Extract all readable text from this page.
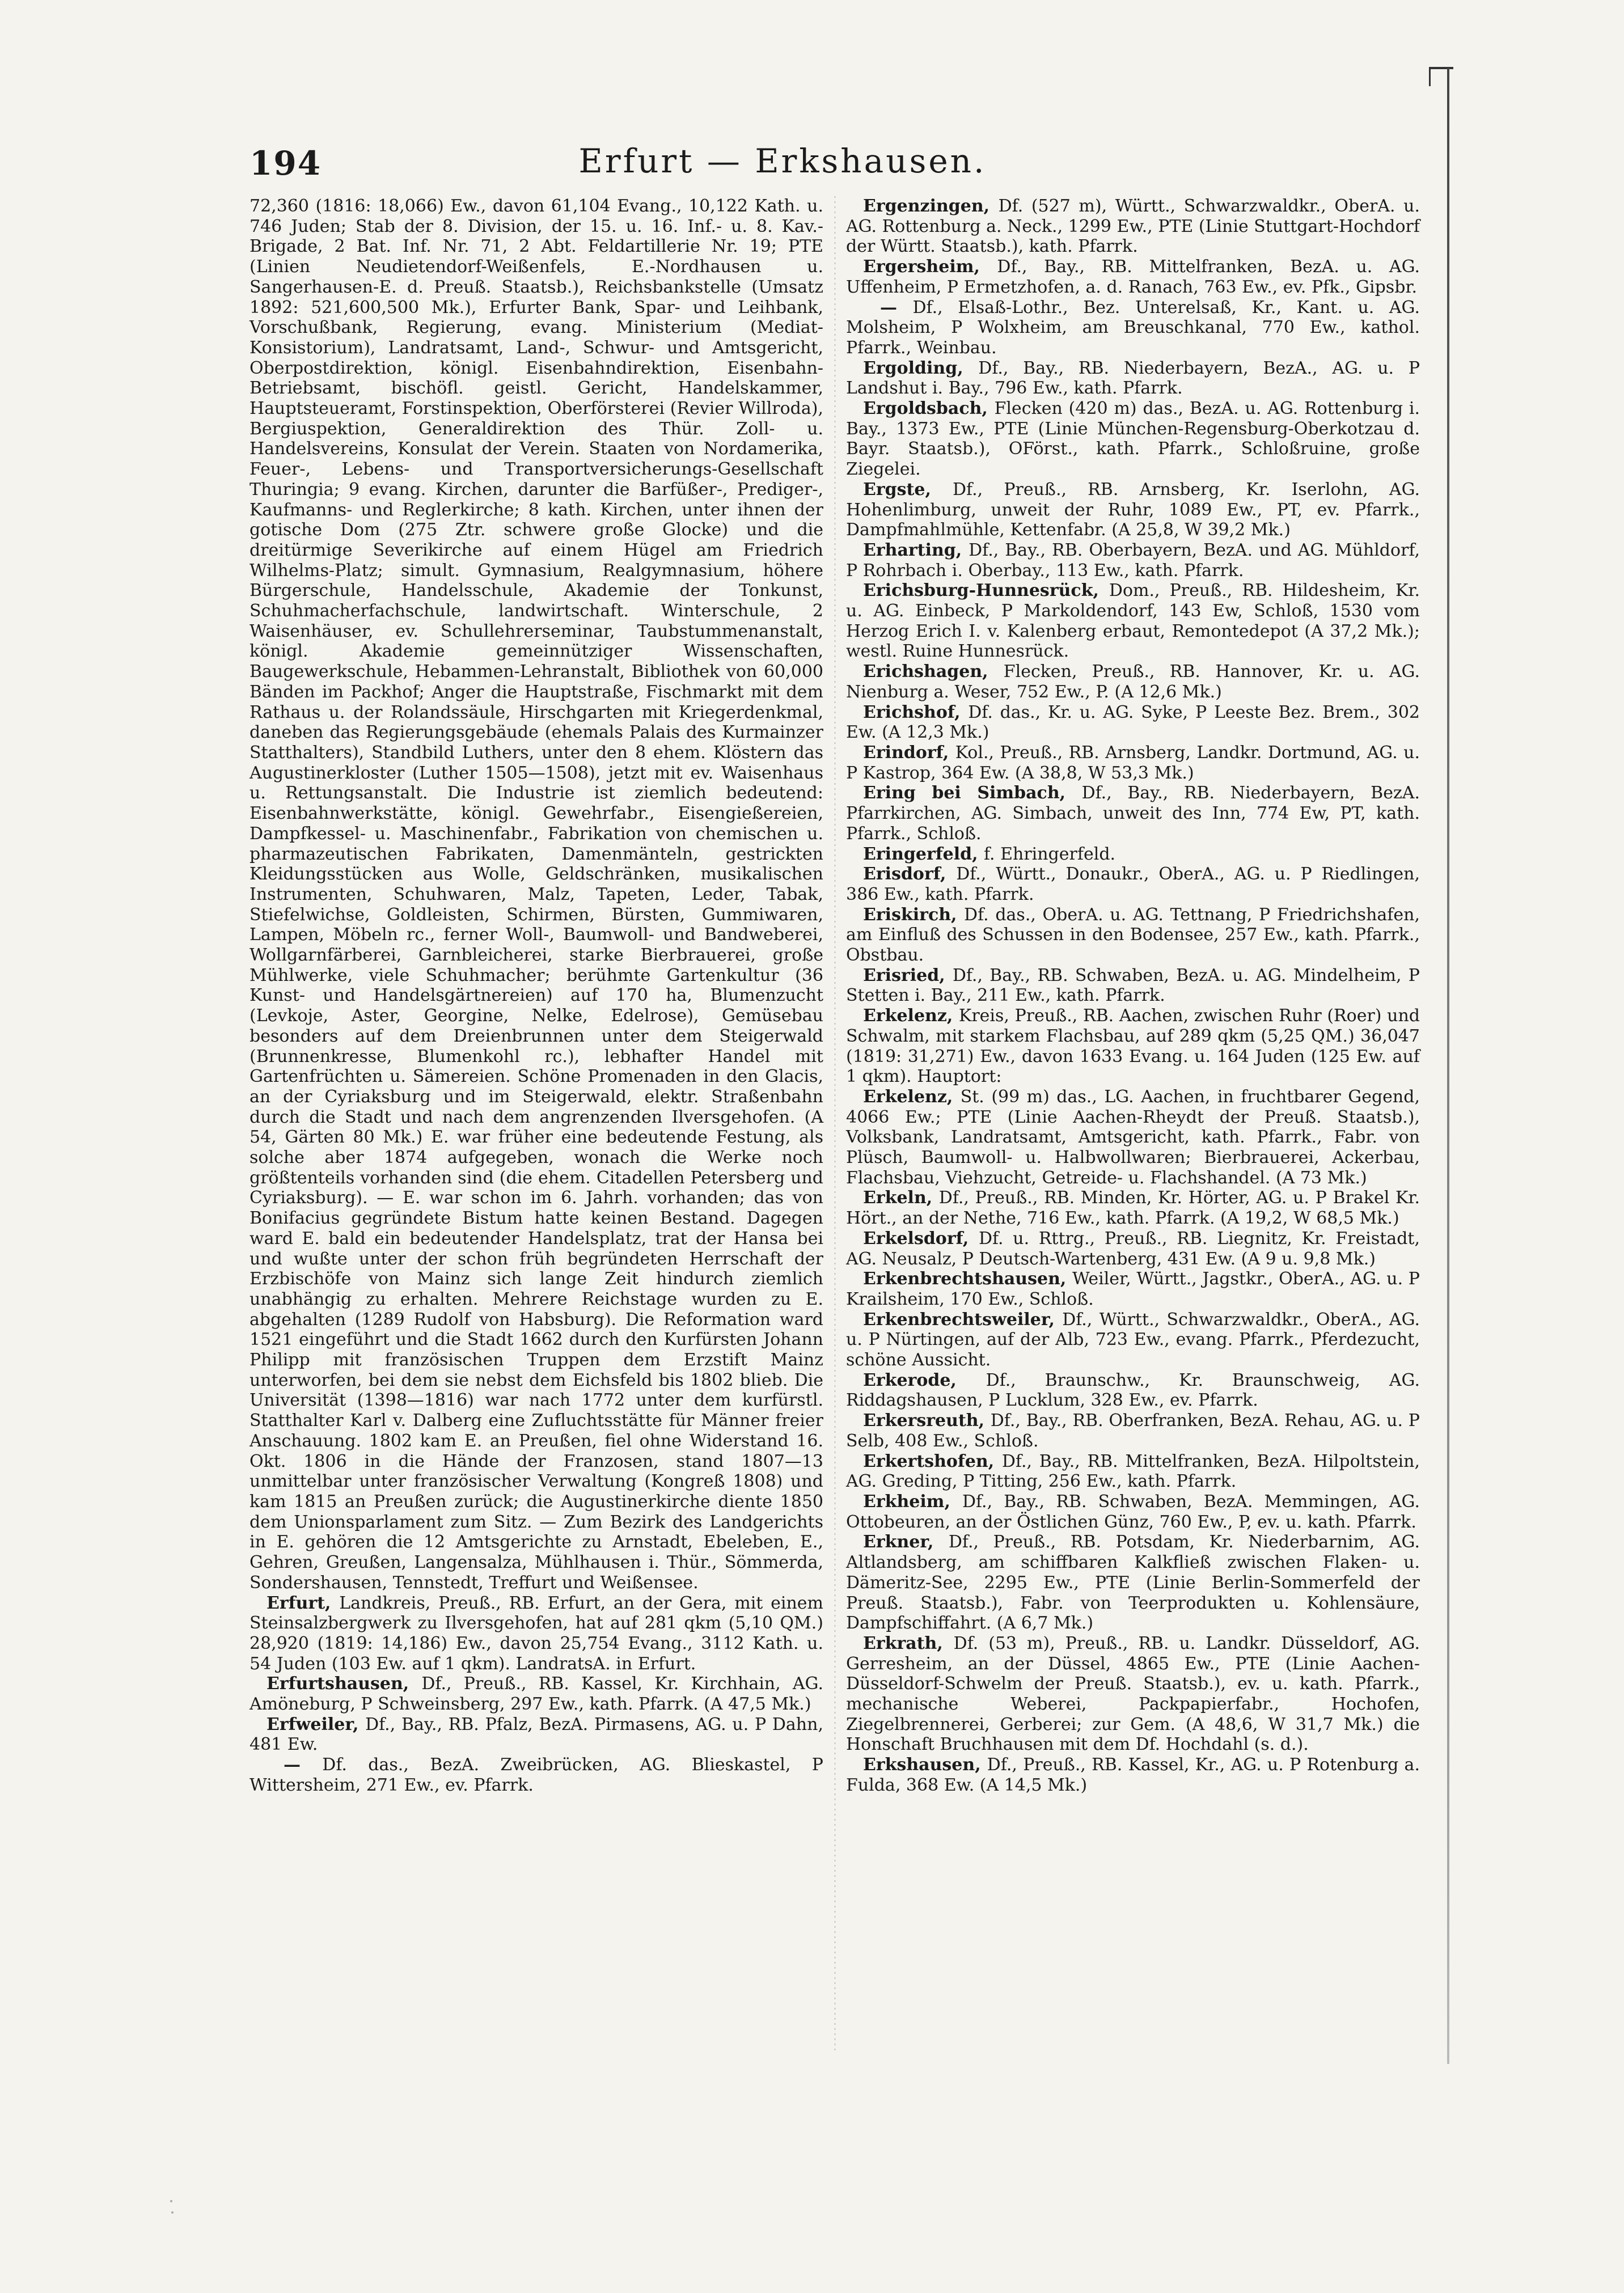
194	Erfurt — Erkshausen.

72,360 (1816: 18,066) Ew., davon 61,104 Evang., 10,122 Kath. u. 746 Juden; Stab der 8. Division, der 15. u. 16. Inf.- u. 8. Kav.-Brigade, 2 Bat. Inf. Nr. 71, 2 Abt. Feldartillerie Nr. 19; PTE (Linien Neudietendorf-Weißenfels, E.-Nordhausen u. Sangerhausen-E. d. Preuß. Staatsb.), Reichsbankstelle (Umsatz 1892: 521,600,500 Mk.), Erfurter Bank, Spar- und Leihbank, Vorschußbank, Regierung, evang. Ministerium (Mediat-Konsistorium), Landratsamt, Land-, Schwur- und Amtsgericht, Oberpostdirektion, königl. Eisenbahndirektion, Eisenbahn-Betriebsamt, bischöfl. geistl. Gericht, Handelskammer, Hauptsteueramt, Forstinspektion, Oberförsterei (Revier Willroda), Bergiuspektion, Generaldirektion des Thür. Zoll- u. Handelsvereins, Konsulat der Verein. Staaten von Nordamerika, Feuer-, Lebens- und Transportversicherungs-Gesellschaft Thuringia; 9 evang. Kirchen, darunter die Barfüßer-, Prediger-, Kaufmanns- und Reglerkirche; 8 kath. Kirchen, unter ihnen der gotische Dom (275 Ztr. schwere große Glocke) und die dreitürmige Severikirche auf einem Hügel am Friedrich Wilhelms-Platz; simult. Gymnasium, Realgymnasium, höhere Bürgerschule, Handelsschule, Akademie der Tonkunst, Schuhmacherfachschule, landwirtschaft. Winterschule, 2 Waisenhäuser, ev. Schullehrerseminar, Taubstummenanstalt, königl. Akademie gemeinnütziger Wissenschaften, Baugewerkschule, Hebammen-Lehranstalt, Bibliothek von 60,000 Bänden im Packhof; Anger die Hauptstraße, Fischmarkt mit dem Rathaus u. der Rolandssäule, Hirschgarten mit Kriegerdenkmal, daneben das Regierungsgebäude (ehemals Palais des Kurmainzer Statthalters), Standbild Luthers, unter den 8 ehem. Klöstern das Augustinerkloster (Luther 1505—1508), jetzt mit ev. Waisenhaus u. Rettungsanstalt. Die Industrie ist ziemlich bedeutend: Eisenbahnwerkstätte, königl. Gewehrfabr., Eisengießereien, Dampfkessel- u. Maschinenfabr., Fabrikation von chemischen u. pharmazeutischen Fabrikaten, Damenmänteln, gestrickten Kleidungsstücken aus Wolle, Geldschränken, musikalischen Instrumenten, Schuhwaren, Malz, Tapeten, Leder, Tabak, Stiefelwichse, Goldleisten, Schirmen, Bürsten, Gummiwaren, Lampen, Möbeln rc., ferner Woll-, Baumwoll- und Bandweberei, Wollgarnfärberei, Garnbleicherei, starke Bierbrauerei, große Mühlwerke, viele Schuhmacher; berühmte Gartenkultur (36 Kunst- und Handelsgärtnereien) auf 170 ha, Blumenzucht (Levkoje, Aster, Georgine, Nelke, Edelrose), Gemüsebau besonders auf dem Dreienbrunnen unter dem Steigerwald (Brunnenkresse, Blumenkohl rc.), lebhafter Handel mit Gartenfrüchten u. Sämereien. Schöne Promenaden in den Glacis, an der Cyriaksburg und im Steigerwald, elektr. Straßenbahn durch die Stadt und nach dem angrenzenden Ilversgehofen. (A 54, Gärten 80 Mk.) E. war früher eine bedeutende Festung, als solche aber 1874 aufgegeben, wonach die Werke noch größtenteils vorhanden sind (die ehem. Citadellen Petersberg und Cyriaksburg). — E. war schon im 6. Jahrh. vorhanden; das von Bonifacius gegründete Bistum hatte keinen Bestand. Dagegen ward E. bald ein bedeutender Handelsplatz, trat der Hansa bei und wußte unter der schon früh begründeten Herrschaft der Erzbischöfe von Mainz sich lange Zeit hindurch ziemlich unabhängig zu erhalten. Mehrere Reichstage wurden zu E. abgehalten (1289 Rudolf von Habsburg). Die Reformation ward 1521 eingeführt und die Stadt 1662 durch den Kurfürsten Johann Philipp mit französischen Truppen dem Erzstift Mainz unterworfen, bei dem sie nebst dem Eichsfeld bis 1802 blieb. Die Universität (1398—1816) war nach 1772 unter dem kurfürstl. Statthalter Karl v. Dalberg eine Zufluchtsstätte für Männer freier Anschauung. 1802 kam E. an Preußen, fiel ohne Widerstand 16. Okt. 1806 in die Hände der Franzosen, stand 1807—13 unmittelbar unter französischer Verwaltung (Kongreß 1808) und kam 1815 an Preußen zurück; die Augustinerkirche diente 1850 dem Unionsparlament zum Sitz. — Zum Bezirk des Landgerichts in E. gehören die 12 Amtsgerichte zu Arnstadt, Ebeleben, E., Gehren, Greußen, Langensalza, Mühlhausen i. Thür., Sömmerda, Sondershausen, Tennstedt, Treffurt und Weißensee.

Erfurt, Landkreis, Preuß., RB. Erfurt, an der Gera, mit einem Steinsalzbergwerk zu Ilversgehofen, hat auf 281 qkm (5,10 QM.) 28,920 (1819: 14,186) Ew., davon 25,754 Evang., 3112 Kath. u. 54 Juden (103 Ew. auf 1 qkm). LandratsA. in Erfurt.

Erfurtshausen, Df., Preuß., RB. Kassel, Kr. Kirchhain, AG. Amöneburg, P Schweinsberg, 297 Ew., kath. Pfarrk. (A 47,5 Mk.)

Erfweiler, Df., Bay., RB. Pfalz, BezA. Pirmasens, AG. u. P Dahn, 481 Ew.

— Df. das., BezA. Zweibrücken, AG. Blieskastel, P Wittersheim, 271 Ew., ev. Pfarrk.

Ergenzingen, Df. (527 m), Württ., Schwarzwaldkr., OberA. u. AG. Rottenburg a. Neck., 1299 Ew., PTE (Linie Stuttgart-Hochdorf der Württ. Staatsb.), kath. Pfarrk.

Ergersheim, Df., Bay., RB. Mittelfranken, BezA. u. AG. Uffenheim, P Ermetzhofen, a. d. Ranach, 763 Ew., ev. Pfk., Gipsbr.

— Df., Elsaß-Lothr., Bez. Unterelsaß, Kr., Kant. u. AG. Molsheim, P Wolxheim, am Breuschkanal, 770 Ew., kathol. Pfarrk., Weinbau.

Ergolding, Df., Bay., RB. Niederbayern, BezA., AG. u. P Landshut i. Bay., 796 Ew., kath. Pfarrk.

Ergoldsbach, Flecken (420 m) das., BezA. u. AG. Rottenburg i. Bay., 1373 Ew., PTE (Linie München-Regensburg-Oberkotzau d. Bayr. Staatsb.), OFörst., kath. Pfarrk., Schloßruine, große Ziegelei.

Ergste, Df., Preuß., RB. Arnsberg, Kr. Iserlohn, AG. Hohenlimburg, unweit der Ruhr, 1089 Ew., PT, ev. Pfarrk., Dampfmahlmühle, Kettenfabr. (A 25,8, W 39,2 Mk.)

Erharting, Df., Bay., RB. Oberbayern, BezA. und AG. Mühldorf, P Rohrbach i. Oberbay., 113 Ew., kath. Pfarrk.

Erichsburg-Hunnesrück, Dom., Preuß., RB. Hildesheim, Kr. u. AG. Einbeck, P Markoldendorf, 143 Ew, Schloß, 1530 vom Herzog Erich I. v. Kalenberg erbaut, Remontedepot (A 37,2 Mk.); westl. Ruine Hunnesrück.

Erichshagen, Flecken, Preuß., RB. Hannover, Kr. u. AG. Nienburg a. Weser, 752 Ew., P. (A 12,6 Mk.)

Erichshof, Df. das., Kr. u. AG. Syke, P Leeste Bez. Brem., 302 Ew. (A 12,3 Mk.)

Erindorf, Kol., Preuß., RB. Arnsberg, Landkr. Dortmund, AG. u. P Kastrop, 364 Ew. (A 38,8, W 53,3 Mk.)

Ering bei Simbach, Df., Bay., RB. Niederbayern, BezA. Pfarrkirchen, AG. Simbach, unweit des Inn, 774 Ew, PT, kath. Pfarrk., Schloß.

Eringerfeld, f. Ehringerfeld.

Erisdorf, Df., Württ., Donaukr., OberA., AG. u. P Riedlingen, 386 Ew., kath. Pfarrk.

Eriskirch, Df. das., OberA. u. AG. Tettnang, P Friedrichshafen, am Einfluß des Schussen in den Bodensee, 257 Ew., kath. Pfarrk., Obstbau.

Erisried, Df., Bay., RB. Schwaben, BezA. u. AG. Mindelheim, P Stetten i. Bay., 211 Ew., kath. Pfarrk.

Erkelenz, Kreis, Preuß., RB. Aachen, zwischen Ruhr (Roer) und Schwalm, mit starkem Flachsbau, auf 289 qkm (5,25 QM.) 36,047 (1819: 31,271) Ew., davon 1633 Evang. u. 164 Juden (125 Ew. auf 1 qkm). Hauptort:

Erkelenz, St. (99 m) das., LG. Aachen, in fruchtbarer Gegend, 4066 Ew.; PTE (Linie Aachen-Rheydt der Preuß. Staatsb.), Volksbank, Landratsamt, Amtsgericht, kath. Pfarrk., Fabr. von Plüsch, Baumwoll- u. Halbwollwaren; Bierbrauerei, Ackerbau, Flachsbau, Viehzucht, Getreide- u. Flachshandel. (A 73 Mk.)

Erkeln, Df., Preuß., RB. Minden, Kr. Hörter, AG. u. P Brakel Kr. Hört., an der Nethe, 716 Ew., kath. Pfarrk. (A 19,2, W 68,5 Mk.)

Erkelsdorf, Df. u. Rttrg., Preuß., RB. Liegnitz, Kr. Freistadt, AG. Neusalz, P Deutsch-Wartenberg, 431 Ew. (A 9 u. 9,8 Mk.)

Erkenbrechtshausen, Weiler, Württ., Jagstkr., OberA., AG. u. P Krailsheim, 170 Ew., Schloß.

Erkenbrechtsweiler, Df., Württ., Schwarzwaldkr., OberA., AG. u. P Nürtingen, auf der Alb, 723 Ew., evang. Pfarrk., Pferdezucht, schöne Aussicht.

Erkerode, Df., Braunschw., Kr. Braunschweig, AG. Riddagshausen, P Lucklum, 328 Ew., ev. Pfarrk.

Erkersreuth, Df., Bay., RB. Oberfranken, BezA. Rehau, AG. u. P Selb, 408 Ew., Schloß.

Erkertshofen, Df., Bay., RB. Mittelfranken, BezA. Hilpoltstein, AG. Greding, P Titting, 256 Ew., kath. Pfarrk.

Erkheim, Df., Bay., RB. Schwaben, BezA. Memmingen, AG. Ottobeuren, an der Östlichen Günz, 760 Ew., P, ev. u. kath. Pfarrk.

Erkner, Df., Preuß., RB. Potsdam, Kr. Niederbarnim, AG. Altlandsberg, am schiffbaren Kalkfließ zwischen Flaken- u. Dämeritz-See, 2295 Ew., PTE (Linie Berlin-Sommerfeld der Preuß. Staatsb.), Fabr. von Teerprodukten u. Kohlensäure, Dampfschiffahrt. (A 6,7 Mk.)

Erkrath, Df. (53 m), Preuß., RB. u. Landkr. Düsseldorf, AG. Gerresheim, an der Düssel, 4865 Ew., PTE (Linie Aachen-Düsseldorf-Schwelm der Preuß. Staatsb.), ev. u. kath. Pfarrk., mechanische Weberei, Packpapierfabr., Hochofen, Ziegelbrennerei, Gerberei; zur Gem. (A 48,6, W 31,7 Mk.) die Honschaft Bruchhausen mit dem Df. Hochdahl (s. d.).

Erkshausen, Df., Preuß., RB. Kassel, Kr., AG. u. P Rotenburg a. Fulda, 368 Ew. (A 14,5 Mk.)
